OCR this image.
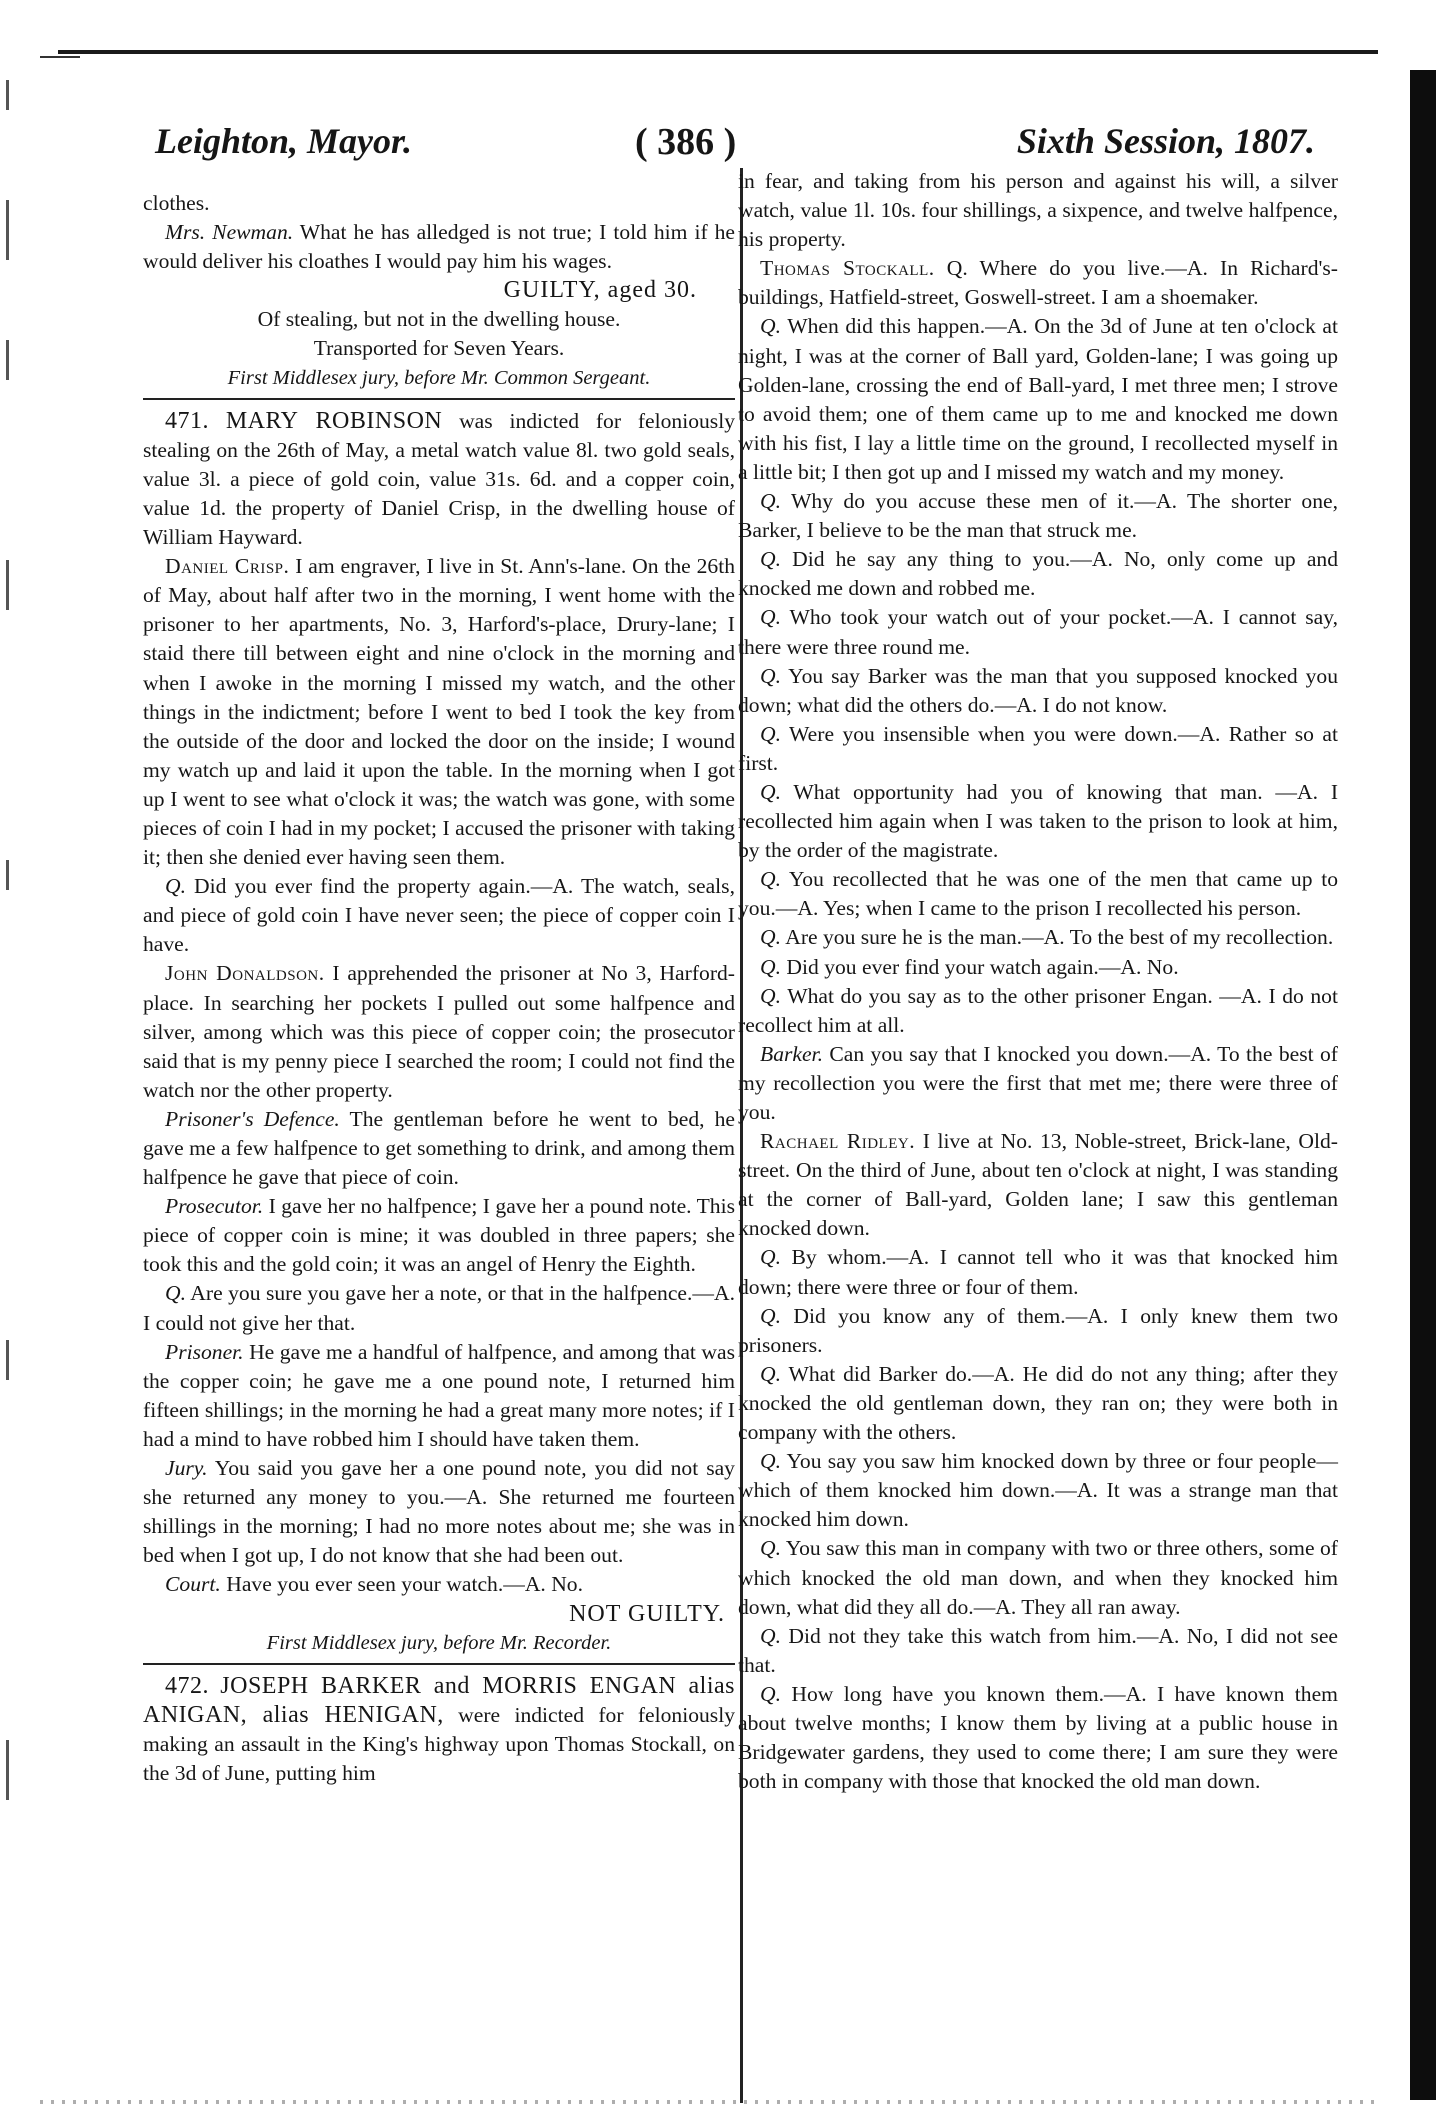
Leighton, Mayor.	( 386 )	Sixth Session, 1807.

clothes.

Mrs. Newman. What he has alledged is not true; I told him if he would deliver his cloathes I would pay him his wages.

GUILTY, aged 30.

Of stealing, but not in the dwelling house.

Transported for Seven Years.

First Middlesex jury, before Mr. Common Sergeant.

471. MARY ROBINSON was indicted for feloniously stealing on the 26th of May, a metal watch value 8l. two gold seals, value 3l. a piece of gold coin, value 31s. 6d. and a copper coin, value 1d. the property of Daniel Crisp, in the dwelling house of William Hayward.

Daniel Crisp. I am engraver, I live in St. Ann's-lane. On the 26th of May, about half after two in the morning, I went home with the prisoner to her apartments, No. 3, Harford's-place, Drury-lane; I staid there till between eight and nine o'clock in the morning and when I awoke in the morning I missed my watch, and the other things in the indictment; before I went to bed I took the key from the outside of the door and locked the door on the inside; I wound my watch up and laid it upon the table. In the morning when I got up I went to see what o'clock it was; the watch was gone, with some pieces of coin I had in my pocket; I accused the prisoner with taking it; then she denied ever having seen them.

Q. Did you ever find the property again.—A. The watch, seals, and piece of gold coin I have never seen; the piece of copper coin I have.

John Donaldson. I apprehended the prisoner at No 3, Harford-place. In searching her pockets I pulled out some halfpence and silver, among which was this piece of copper coin; the prosecutor said that is my penny piece I searched the room; I could not find the watch nor the other property.

Prisoner's Defence. The gentleman before he went to bed, he gave me a few halfpence to get something to drink, and among them halfpence he gave that piece of coin.

Prosecutor. I gave her no halfpence; I gave her a pound note. This piece of copper coin is mine; it was doubled in three papers; she took this and the gold coin; it was an angel of Henry the Eighth.

Q. Are you sure you gave her a note, or that in the halfpence.—A. I could not give her that.

Prisoner. He gave me a handful of halfpence, and among that was the copper coin; he gave me a one pound note, I returned him fifteen shillings; in the morning he had a great many more notes; if I had a mind to have robbed him I should have taken them.

Jury. You said you gave her a one pound note, you did not say she returned any money to you.—A. She returned me fourteen shillings in the morning; I had no more notes about me; she was in bed when I got up, I do not know that she had been out.

Court. Have you ever seen your watch.—A. No.

NOT GUILTY.

First Middlesex jury, before Mr. Recorder.

472. JOSEPH BARKER and MORRIS ENGAN alias ANIGAN, alias HENIGAN, were indicted for feloniously making an assault in the King's highway upon Thomas Stockall, on the 3d of June, putting him

in fear, and taking from his person and against his will, a silver watch, value 1l. 10s. four shillings, a sixpence, and twelve halfpence, his property.

Thomas Stockall. Q. Where do you live.—A. In Richard's-buildings, Hatfield-street, Goswell-street. I am a shoemaker.

Q. When did this happen.—A. On the 3d of June at ten o'clock at night, I was at the corner of Ball yard, Golden-lane; I was going up Golden-lane, crossing the end of Ball-yard, I met three men; I strove to avoid them; one of them came up to me and knocked me down with his fist, I lay a little time on the ground, I recollected myself in a little bit; I then got up and I missed my watch and my money.

Q. Why do you accuse these men of it.—A. The shorter one, Barker, I believe to be the man that struck me.

Q. Did he say any thing to you.—A. No, only come up and knocked me down and robbed me.

Q. Who took your watch out of your pocket.—A. I cannot say, there were three round me.

Q. You say Barker was the man that you supposed knocked you down; what did the others do.—A. I do not know.

Q. Were you insensible when you were down.—A. Rather so at first.

Q. What opportunity had you of knowing that man. —A. I recollected him again when I was taken to the prison to look at him, by the order of the magistrate.

Q. You recollected that he was one of the men that came up to you.—A. Yes; when I came to the prison I recollected his person.

Q. Are you sure he is the man.—A. To the best of my recollection.

Q. Did you ever find your watch again.—A. No.

Q. What do you say as to the other prisoner Engan. —A. I do not recollect him at all.

Barker. Can you say that I knocked you down.—A. To the best of my recollection you were the first that met me; there were three of you.

Rachael Ridley. I live at No. 13, Noble-street, Brick-lane, Old-street. On the third of June, about ten o'clock at night, I was standing at the corner of Ball-yard, Golden lane; I saw this gentleman knocked down.

Q. By whom.—A. I cannot tell who it was that knocked him down; there were three or four of them.

Q. Did you know any of them.—A. I only knew them two prisoners.

Q. What did Barker do.—A. He did do not any thing; after they knocked the old gentleman down, they ran on; they were both in company with the others.

Q. You say you saw him knocked down by three or four people—which of them knocked him down.—A. It was a strange man that knocked him down.

Q. You saw this man in company with two or three others, some of which knocked the old man down, and when they knocked him down, what did they all do.—A. They all ran away.

Q. Did not they take this watch from him.—A. No, I did not see that.

Q. How long have you known them.—A. I have known them about twelve months; I know them by living at a public house in Bridgewater gardens, they used to come there; I am sure they were both in company with those that knocked the old man down.
